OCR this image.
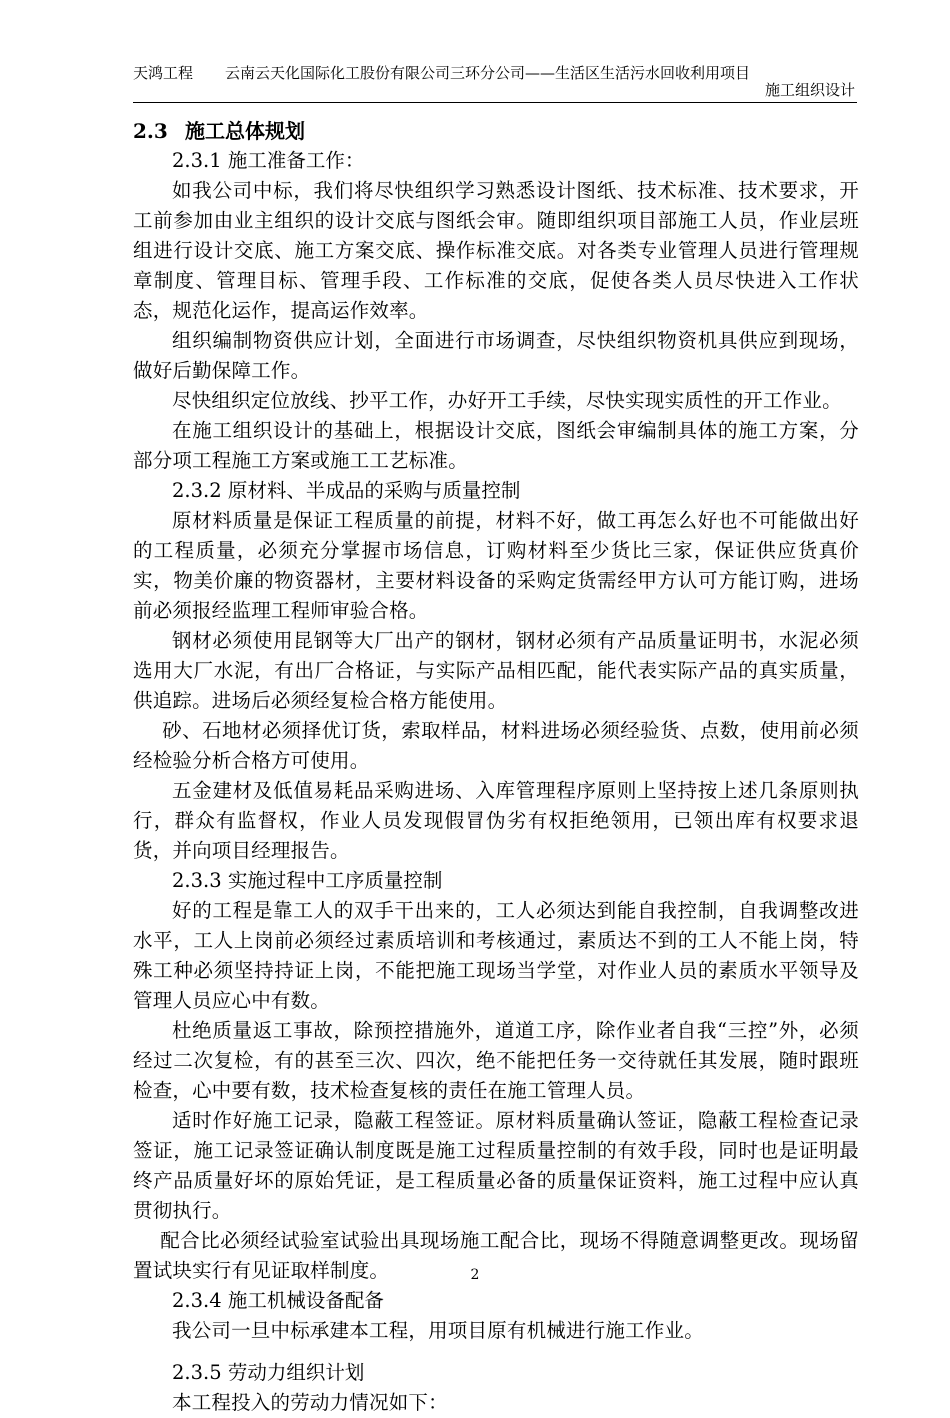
天鸿工程 云南云天化国际化工股份有限公司三环分公司——生活区生活污水回收利用项目
施工组织设计

2.3 施工总体规划

2.3.1 施工准备工作：

如我公司中标，我们将尽快组织学习熟悉设计图纸、技术标准、技术要求，开工前参加由业主组织的设计交底与图纸会审。随即组织项目部施工人员，作业层班组进行设计交底、施工方案交底、操作标准交底。对各类专业管理人员进行管理规章制度、管理目标、管理手段、工作标准的交底，促使各类人员尽快进入工作状态，规范化运作，提高运作效率。

组织编制物资供应计划，全面进行市场调查，尽快组织物资机具供应到现场，做好后勤保障工作。

尽快组织定位放线、抄平工作，办好开工手续，尽快实现实质性的开工作业。

在施工组织设计的基础上，根据设计交底，图纸会审编制具体的施工方案，分部分项工程施工方案或施工工艺标准。

2.3.2 原材料、半成品的采购与质量控制

原材料质量是保证工程质量的前提，材料不好，做工再怎么好也不可能做出好的工程质量，必须充分掌握市场信息，订购材料至少货比三家，保证供应货真价实，物美价廉的物资器材，主要材料设备的采购定货需经甲方认可方能订购，进场前必须报经监理工程师审验合格。

钢材必须使用昆钢等大厂出产的钢材，钢材必须有产品质量证明书，水泥必须选用大厂水泥，有出厂合格证，与实际产品相匹配，能代表实际产品的真实质量，供追踪。进场后必须经复检合格方能使用。

砂、石地材必须择优订货，索取样品，材料进场必须经验货、点数，使用前必须经检验分析合格方可使用。

五金建材及低值易耗品采购进场、入库管理程序原则上坚持按上述几条原则执行，群众有监督权，作业人员发现假冒伪劣有权拒绝领用，已领出库有权要求退货，并向项目经理报告。

2.3.3 实施过程中工序质量控制

好的工程是靠工人的双手干出来的，工人必须达到能自我控制，自我调整改进水平，工人上岗前必须经过素质培训和考核通过，素质达不到的工人不能上岗，特殊工种必须坚持持证上岗，不能把施工现场当学堂，对作业人员的素质水平领导及管理人员应心中有数。

杜绝质量返工事故，除预控措施外，道道工序，除作业者自我“三控”外，必须经过二次复检，有的甚至三次、四次，绝不能把任务一交待就任其发展，随时跟班检查，心中要有数，技术检查复核的责任在施工管理人员。

适时作好施工记录，隐蔽工程签证。原材料质量确认签证，隐蔽工程检查记录签证，施工记录签证确认制度既是施工过程质量控制的有效手段，同时也是证明最终产品质量好坏的原始凭证，是工程质量必备的质量保证资料，施工过程中应认真贯彻执行。

配合比必须经试验室试验出具现场施工配合比，现场不得随意调整更改。现场留置试块实行有见证取样制度。

2.3.4 施工机械设备配备

我公司一旦中标承建本工程，用项目原有机械进行施工作业。

2.3.5 劳动力组织计划

本工程投入的劳动力情况如下：

2
